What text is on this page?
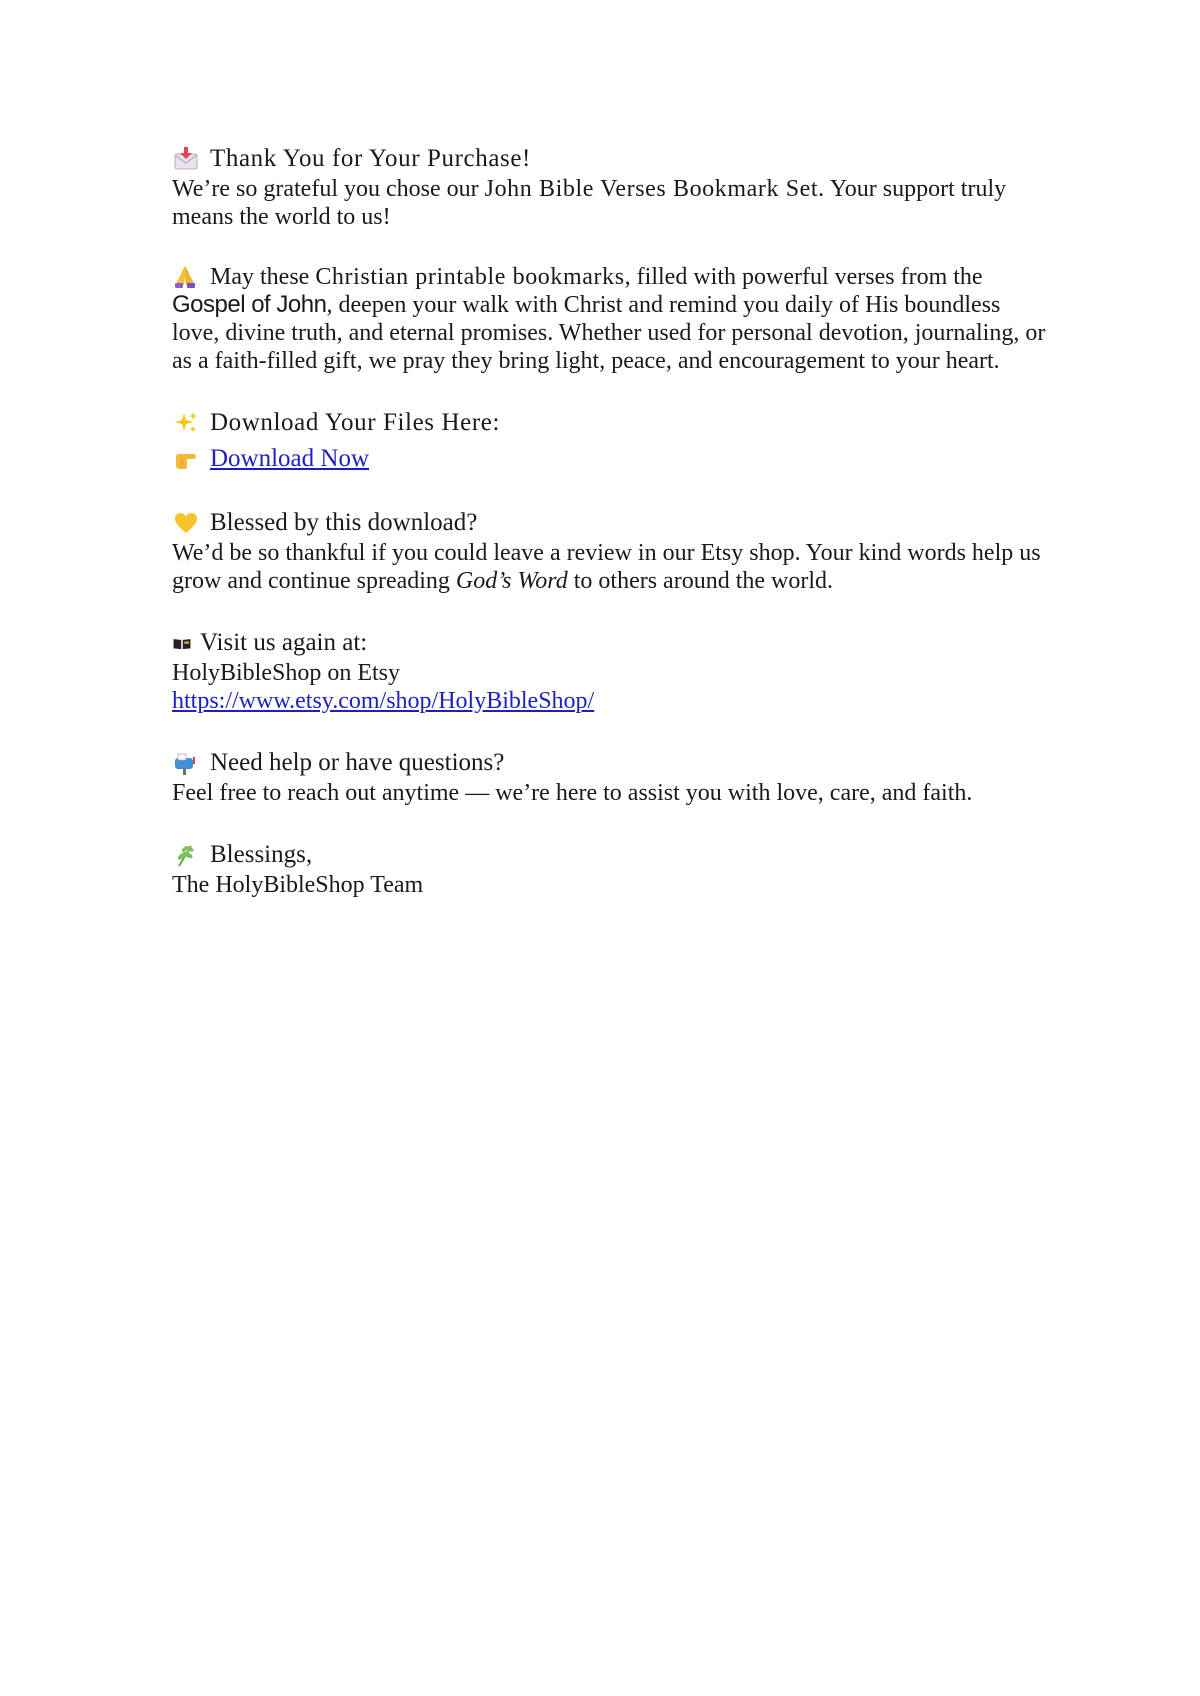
Thank You for Your Purchase!

We’re so grateful you chose our John Bible Verses Bookmark Set. Your support truly means the world to us!

May these Christian printable bookmarks, filled with powerful verses from the Gospel of John, deepen your walk with Christ and remind you daily of His boundless love, divine truth, and eternal promises. Whether used for personal devotion, journaling, or as a faith-filled gift, we pray they bring light, peace, and encouragement to your heart.

Download Your Files Here:
Download Now
Blessed by this download?

We’d be so thankful if you could leave a review in our Etsy shop. Your kind words help us grow and continue spreading God’s Word to others around the world.

Visit us again at:
HolyBibleShop on Etsy
https://www.etsy.com/shop/HolyBibleShop/
Need help or have questions?

Feel free to reach out anytime — we’re here to assist you with love, care, and faith.

Blessings,
The HolyBibleShop Team
